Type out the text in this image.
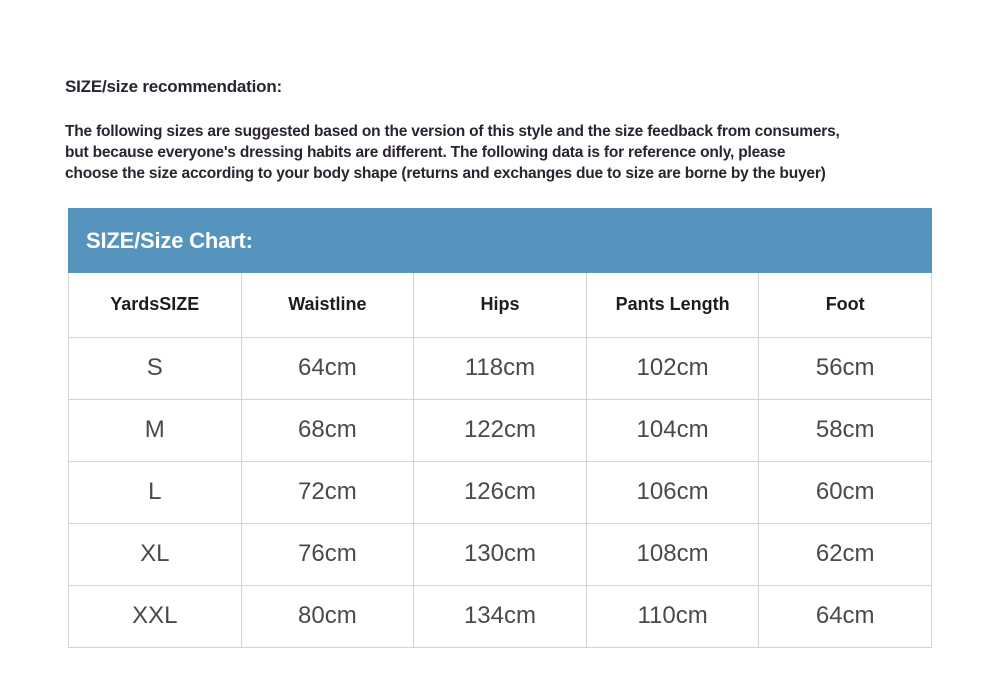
SIZE/size recommendation:
The following sizes are suggested based on the version of this style and the size feedback from consumers,
but because everyone's dressing habits are different. The following data is for reference only, please
choose the size according to your body shape (returns and exchanges due to size are borne by the buyer)
SIZE/Size Chart:
YardsSIZE	Waistline	Hips	Pants Length	Foot
S	64cm	118cm	102cm	56cm
M	68cm	122cm	104cm	58cm
L	72cm	126cm	106cm	60cm
XL	76cm	130cm	108cm	62cm
XXL	80cm	134cm	110cm	64cm
